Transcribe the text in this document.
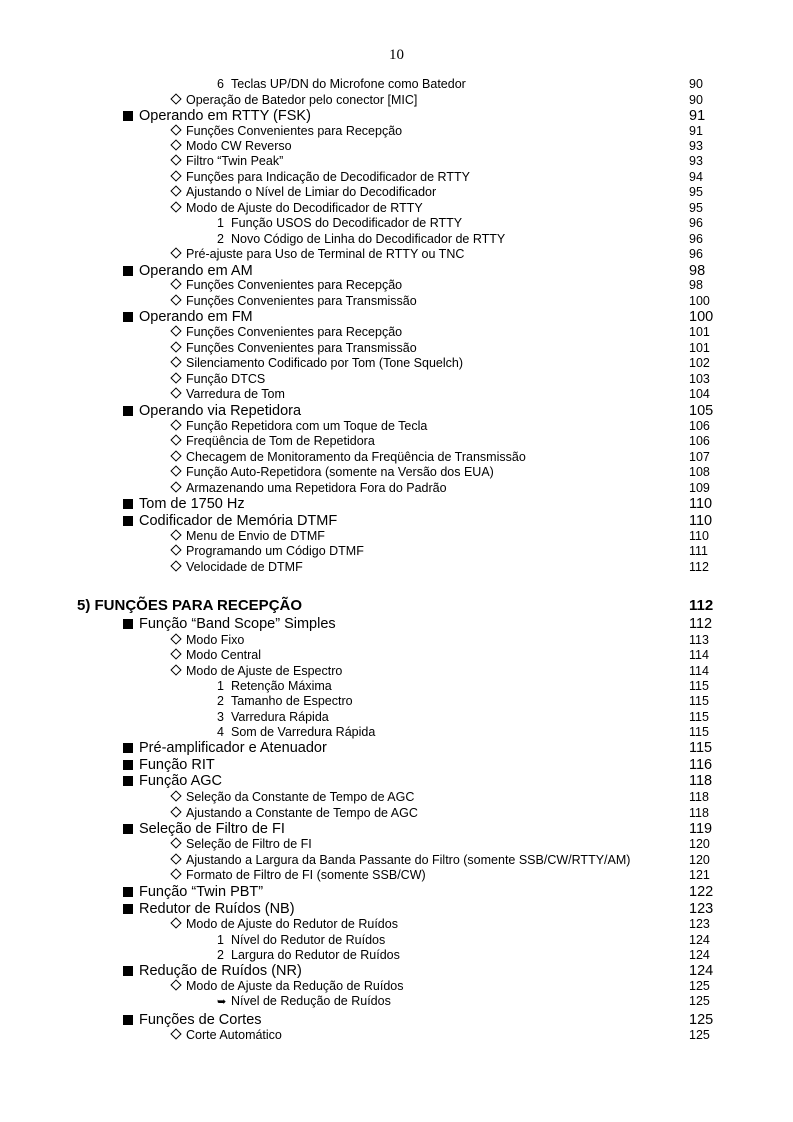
10
6 Teclas UP/DN do Microfone como Batedor	90
Operação de Batedor pelo conector [MIC]	90
Operando em RTTY (FSK)	91
Funções Convenientes para Recepção	91
Modo CW Reverso	93
Filtro “Twin Peak”	93
Funções para Indicação de Decodificador de RTTY	94
Ajustando o Nível de Limiar do Decodificador	95
Modo de Ajuste do Decodificador de RTTY	95
1 Função USOS do Decodificador de RTTY	96
2 Novo Código de Linha do Decodificador de RTTY	96
Pré-ajuste para Uso de Terminal de RTTY ou TNC	96
Operando em AM	98
Funções Convenientes para Recepção	98
Funções Convenientes para Transmissão	100
Operando em FM	100
Funções Convenientes para Recepção	101
Funções Convenientes para Transmissão	101
Silenciamento Codificado por Tom (Tone Squelch)	102
Função DTCS	103
Varredura de Tom	104
Operando via Repetidora	105
Função Repetidora com um Toque de Tecla	106
Freqüência de Tom de Repetidora	106
Checagem de Monitoramento da Freqüência de Transmissão	107
Função Auto-Repetidora (somente na Versão dos EUA)	108
Armazenando uma Repetidora Fora do Padrão	109
Tom de 1750 Hz	110
Codificador de Memória DTMF	110
Menu de Envio de DTMF	110
Programando um Código DTMF	111
Velocidade de DTMF	112
5) FUNÇÕES PARA RECEPÇÃO	112
Função “Band Scope” Simples	112
Modo Fixo	113
Modo Central	114
Modo de Ajuste de Espectro	114
1 Retenção Máxima	115
2 Tamanho de Espectro	115
3 Varredura Rápida	115
4 Som de Varredura Rápida	115
Pré-amplificador e Atenuador	115
Função RIT	116
Função AGC	118
Seleção da Constante de Tempo de AGC	118
Ajustando a Constante de Tempo de AGC	118
Seleção de Filtro de FI	119
Seleção de Filtro de FI	120
Ajustando a Largura da Banda Passante do Filtro (somente SSB/CW/RTTY/AM)	120
Formato de Filtro de FI (somente SSB/CW)	121
Função “Twin PBT”	122
Redutor de Ruídos (NB)	123
Modo de Ajuste do Redutor de Ruídos	123
1 Nível do Redutor de Ruídos	124
2 Largura do Redutor de Ruídos	124
Redução de Ruídos (NR)	124
Modo de Ajuste da Redução de Ruídos	125
➥ Nível de Redução de Ruídos	125
Funções de Cortes	125
Corte Automático	125
